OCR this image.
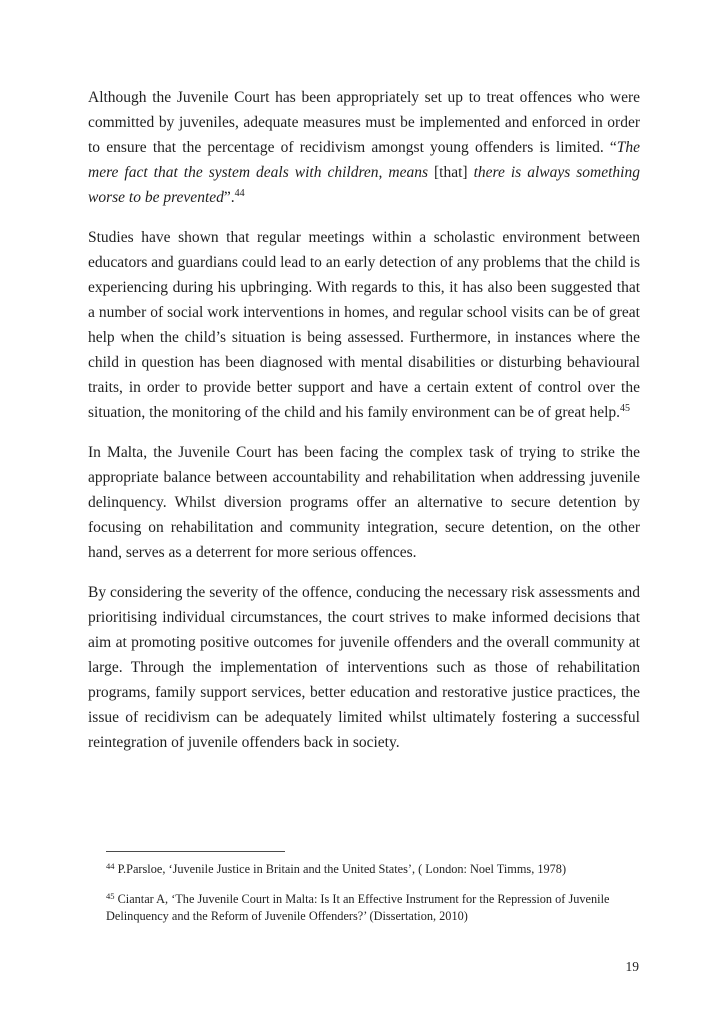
Although the Juvenile Court has been appropriately set up to treat offences who were committed by juveniles, adequate measures must be implemented and enforced in order to ensure that the percentage of recidivism amongst young offenders is limited. “The mere fact that the system deals with children, means [that] there is always something worse to be prevented”.$^{44}$

Studies have shown that regular meetings within a scholastic environment between educators and guardians could lead to an early detection of any problems that the child is experiencing during his upbringing. With regards to this, it has also been suggested that a number of social work interventions in homes, and regular school visits can be of great help when the child’s situation is being assessed. Furthermore, in instances where the child in question has been diagnosed with mental disabilities or disturbing behavioural traits, in order to provide better support and have a certain extent of control over the situation, the monitoring of the child and his family environment can be of great help.$^{45}$

In Malta, the Juvenile Court has been facing the complex task of trying to strike the appropriate balance between accountability and rehabilitation when addressing juvenile delinquency. Whilst diversion programs offer an alternative to secure detention by focusing on rehabilitation and community integration, secure detention, on the other hand, serves as a deterrent for more serious offences.

By considering the severity of the offence, conducing the necessary risk assessments and prioritising individual circumstances, the court strives to make informed decisions that aim at promoting positive outcomes for juvenile offenders and the overall community at large. Through the implementation of interventions such as those of rehabilitation programs, family support services, better education and restorative justice practices, the issue of recidivism can be adequately limited whilst ultimately fostering a successful reintegration of juvenile offenders back in society.

$^{44}$ P.Parsloe, ‘Juvenile Justice in Britain and the United States’, ( London: Noel Timms, 1978)
$^{45}$ Ciantar A, ‘The Juvenile Court in Malta: Is It an Effective Instrument for the Repression of Juvenile Delinquency and the Reform of Juvenile Offenders?’ (Dissertation, 2010)
19
